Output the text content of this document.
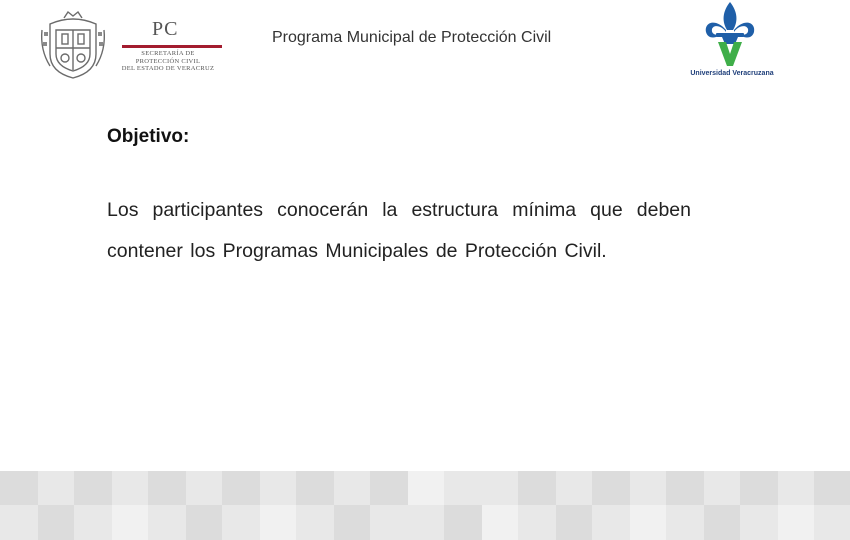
PC
SECRETARÍA DE
PROTECCIÓN CIVIL
DEL ESTADO DE VERACRUZ
Programa Municipal de Protección Civil
Universidad Veracruzana
Objetivo:
Los participantes conocerán la estructura mínima que deben contener los Programas Municipales de Protección Civil.
